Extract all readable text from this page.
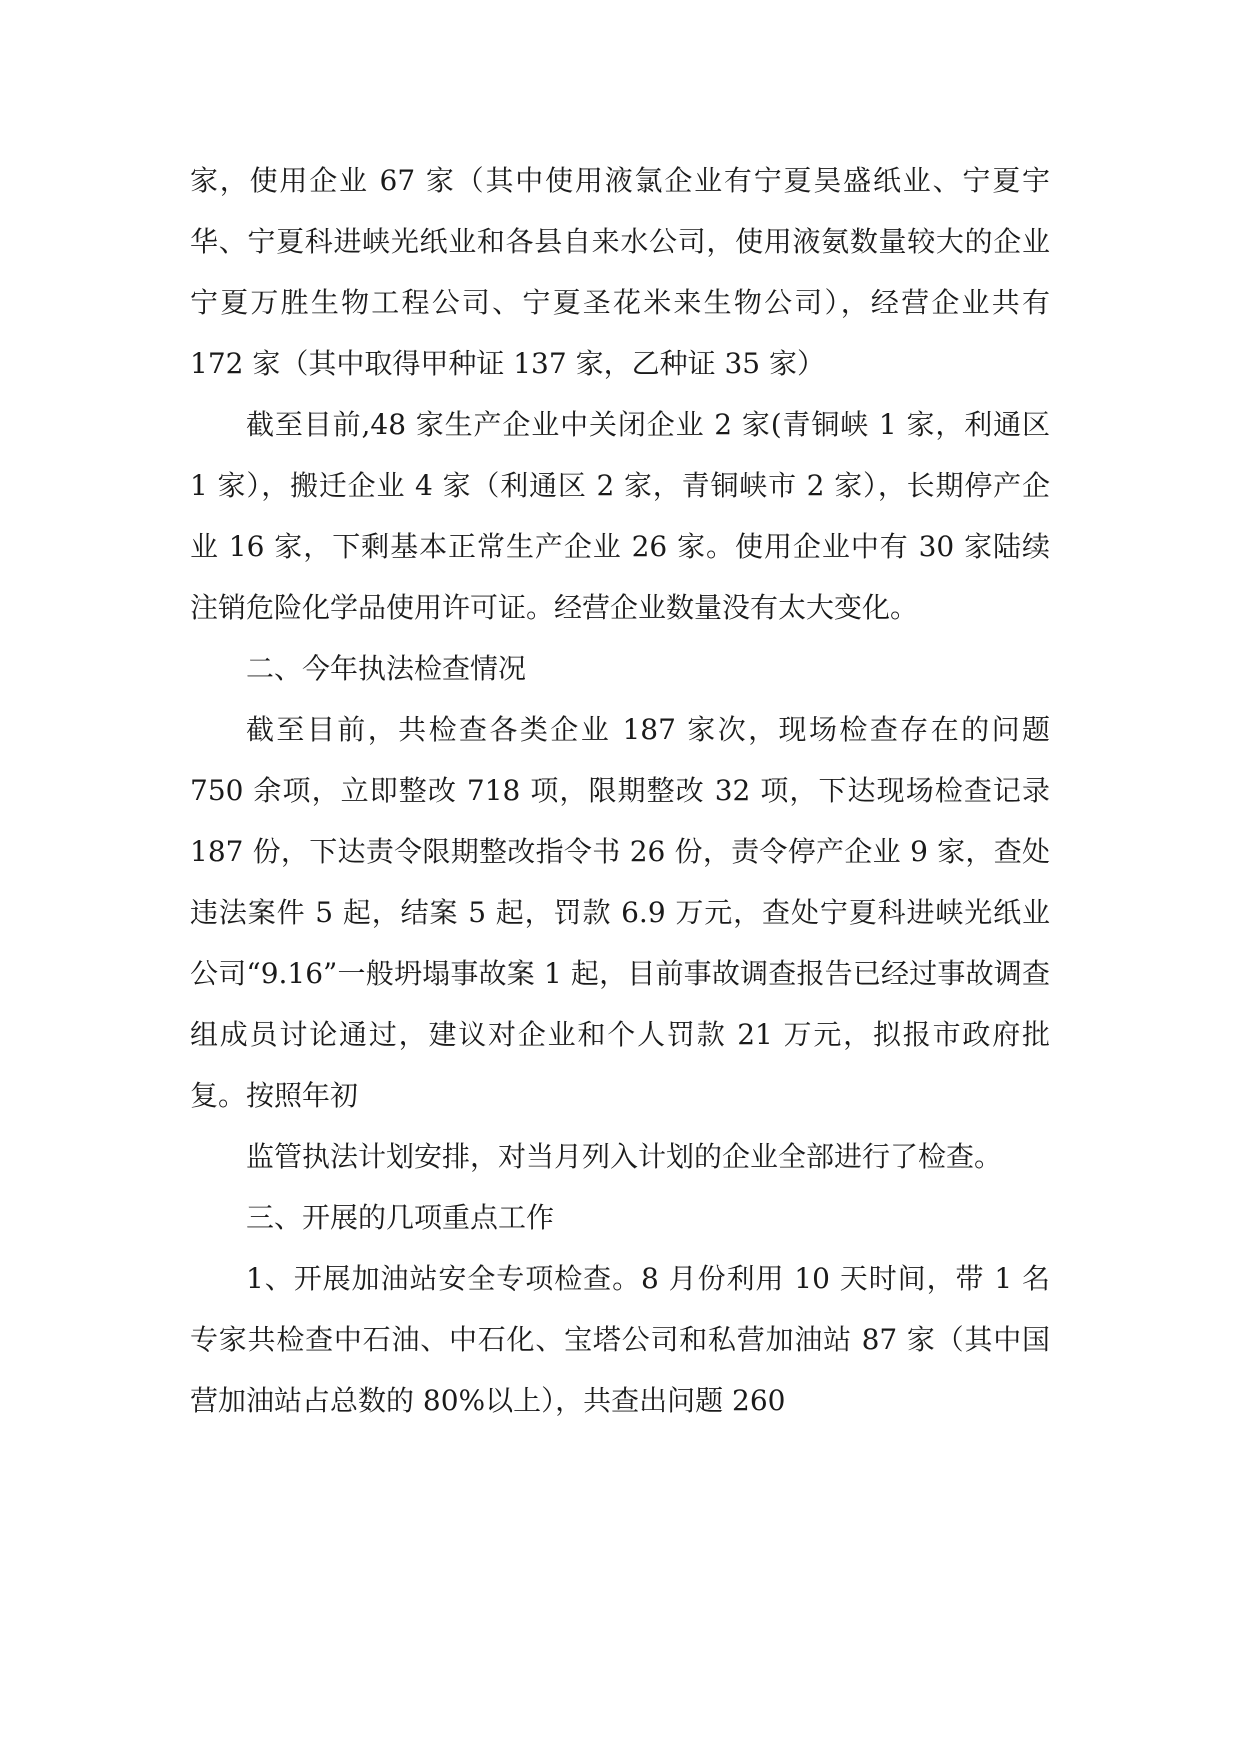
家，使用企业 67 家（其中使用液氯企业有宁夏昊盛纸业、宁夏宇华、宁夏科进峡光纸业和各县自来水公司，使用液氨数量较大的企业宁夏万胜生物工程公司、宁夏圣花米来生物公司），经营企业共有 172 家（其中取得甲种证 137 家，乙种证 35 家）

截至目前,48 家生产企业中关闭企业 2 家(青铜峡 1 家，利通区 1 家），搬迁企业 4 家（利通区 2 家，青铜峡市 2 家），长期停产企业 16 家，下剩基本正常生产企业 26 家。使用企业中有 30 家陆续注销危险化学品使用许可证。经营企业数量没有太大变化。

二、今年执法检查情况

截至目前，共检查各类企业 187 家次，现场检查存在的问题 750 余项，立即整改 718 项，限期整改 32 项，下达现场检查记录 187 份，下达责令限期整改指令书 26 份，责令停产企业 9 家，查处违法案件 5 起，结案 5 起，罚款 6.9 万元，查处宁夏科进峡光纸业公司“9.16”一般坍塌事故案 1 起，目前事故调查报告已经过事故调查组成员讨论通过，建议对企业和个人罚款 21 万元，拟报市政府批复。按照年初

监管执法计划安排，对当月列入计划的企业全部进行了检查。

三、开展的几项重点工作

1、开展加油站安全专项检查。8 月份利用 10 天时间，带 1 名专家共检查中石油、中石化、宝塔公司和私营加油站 87 家（其中国营加油站占总数的 80%以上），共查出问题 260
